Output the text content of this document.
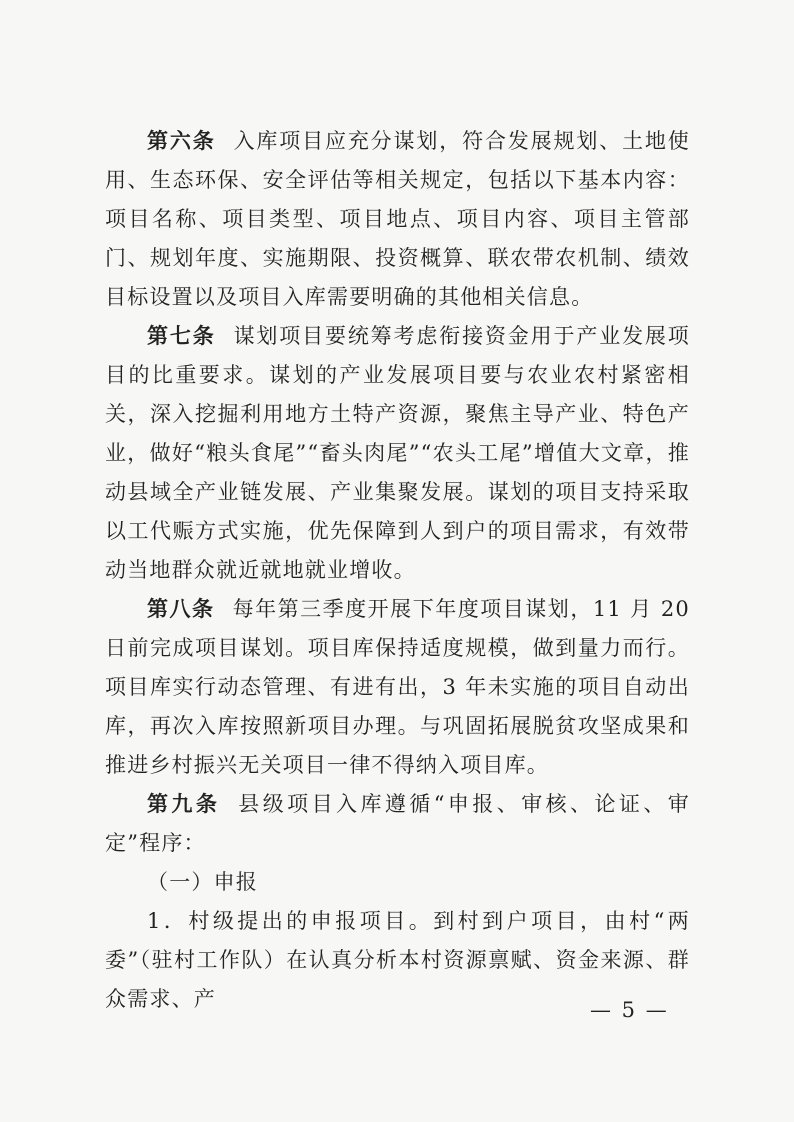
第六条 入库项目应充分谋划，符合发展规划、土地使用、生态环保、安全评估等相关规定，包括以下基本内容：项目名称、项目类型、项目地点、项目内容、项目主管部门、规划年度、实施期限、投资概算、联农带农机制、绩效目标设置以及项目入库需要明确的其他相关信息。

第七条 谋划项目要统筹考虑衔接资金用于产业发展项目的比重要求。谋划的产业发展项目要与农业农村紧密相关，深入挖掘利用地方土特产资源，聚焦主导产业、特色产业，做好“粮头食尾”“畜头肉尾”“农头工尾”增值大文章，推动县域全产业链发展、产业集聚发展。谋划的项目支持采取以工代赈方式实施，优先保障到人到户的项目需求，有效带动当地群众就近就地就业增收。

第八条 每年第三季度开展下年度项目谋划，11 月 20 日前完成项目谋划。项目库保持适度规模，做到量力而行。项目库实行动态管理、有进有出，3 年未实施的项目自动出库，再次入库按照新项目办理。与巩固拓展脱贫攻坚成果和推进乡村振兴无关项目一律不得纳入项目库。

第九条 县级项目入库遵循“申报、审核、论证、审定”程序：

（一）申报

1．村级提出的申报项目。到村到户项目，由村“两委”（驻村工作队）在认真分析本村资源禀赋、资金来源、群众需求、产	— 5 —
